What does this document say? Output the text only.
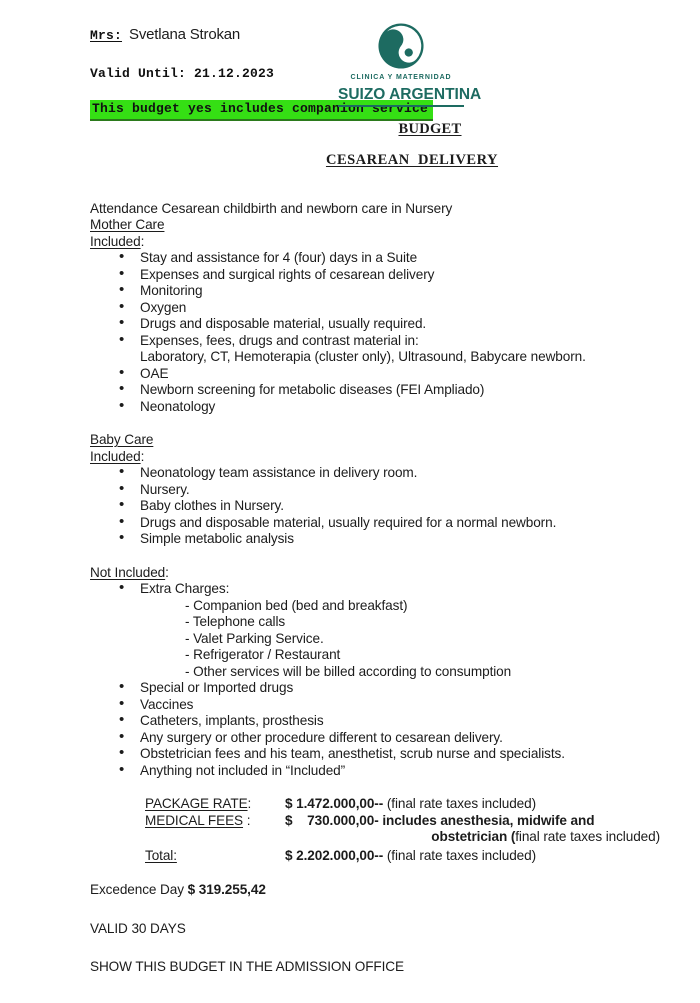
Mrs: Svetlana Strokan
Valid Until: 21.12.2023	CLINICA Y MATERNIDAD
SUIZO ARGENTINA
This budget yes includes companion service
BUDGET
CESAREAN  DELIVERY
Attendance Cesarean childbirth and newborn care in Nursery
Mother Care
Included:
• Stay and assistance for 4 (four) days in a Suite
• Expenses and surgical rights of cesarean delivery
• Monitoring
• Oxygen
• Drugs and disposable material, usually required.
• Expenses, fees, drugs and contrast material in:
Laboratory, CT, Hemoterapia (cluster only), Ultrasound, Babycare newborn.
• OAE
• Newborn screening for metabolic diseases (FEI Ampliado)
• Neonatology
Baby Care
Included:
• Neonatology team assistance in delivery room.
• Nursery.
• Baby clothes in Nursery.
• Drugs and disposable material, usually required for a normal newborn.
• Simple metabolic analysis
Not Included:
• Extra Charges:
- Companion bed (bed and breakfast)
- Telephone calls
- Valet Parking Service.
- Refrigerator / Restaurant
- Other services will be billed according to consumption
• Special or Imported drugs
• Vaccines
• Catheters, implants, prosthesis
• Any surgery or other procedure different to cesarean delivery.
• Obstetrician fees and his team, anesthetist, scrub nurse and specialists.
• Anything not included in “Included”
PACKAGE RATE:	$ 1.472.000,00-- (final rate taxes included)
MEDICAL FEES :	$    730.000,00- includes anesthesia, midwife and
obstetrician (final rate taxes included)
Total:	$ 2.202.000,00-- (final rate taxes included)
Excedence Day $ 319.255,42
VALID 30 DAYS
SHOW THIS BUDGET IN THE ADMISSION OFFICE
